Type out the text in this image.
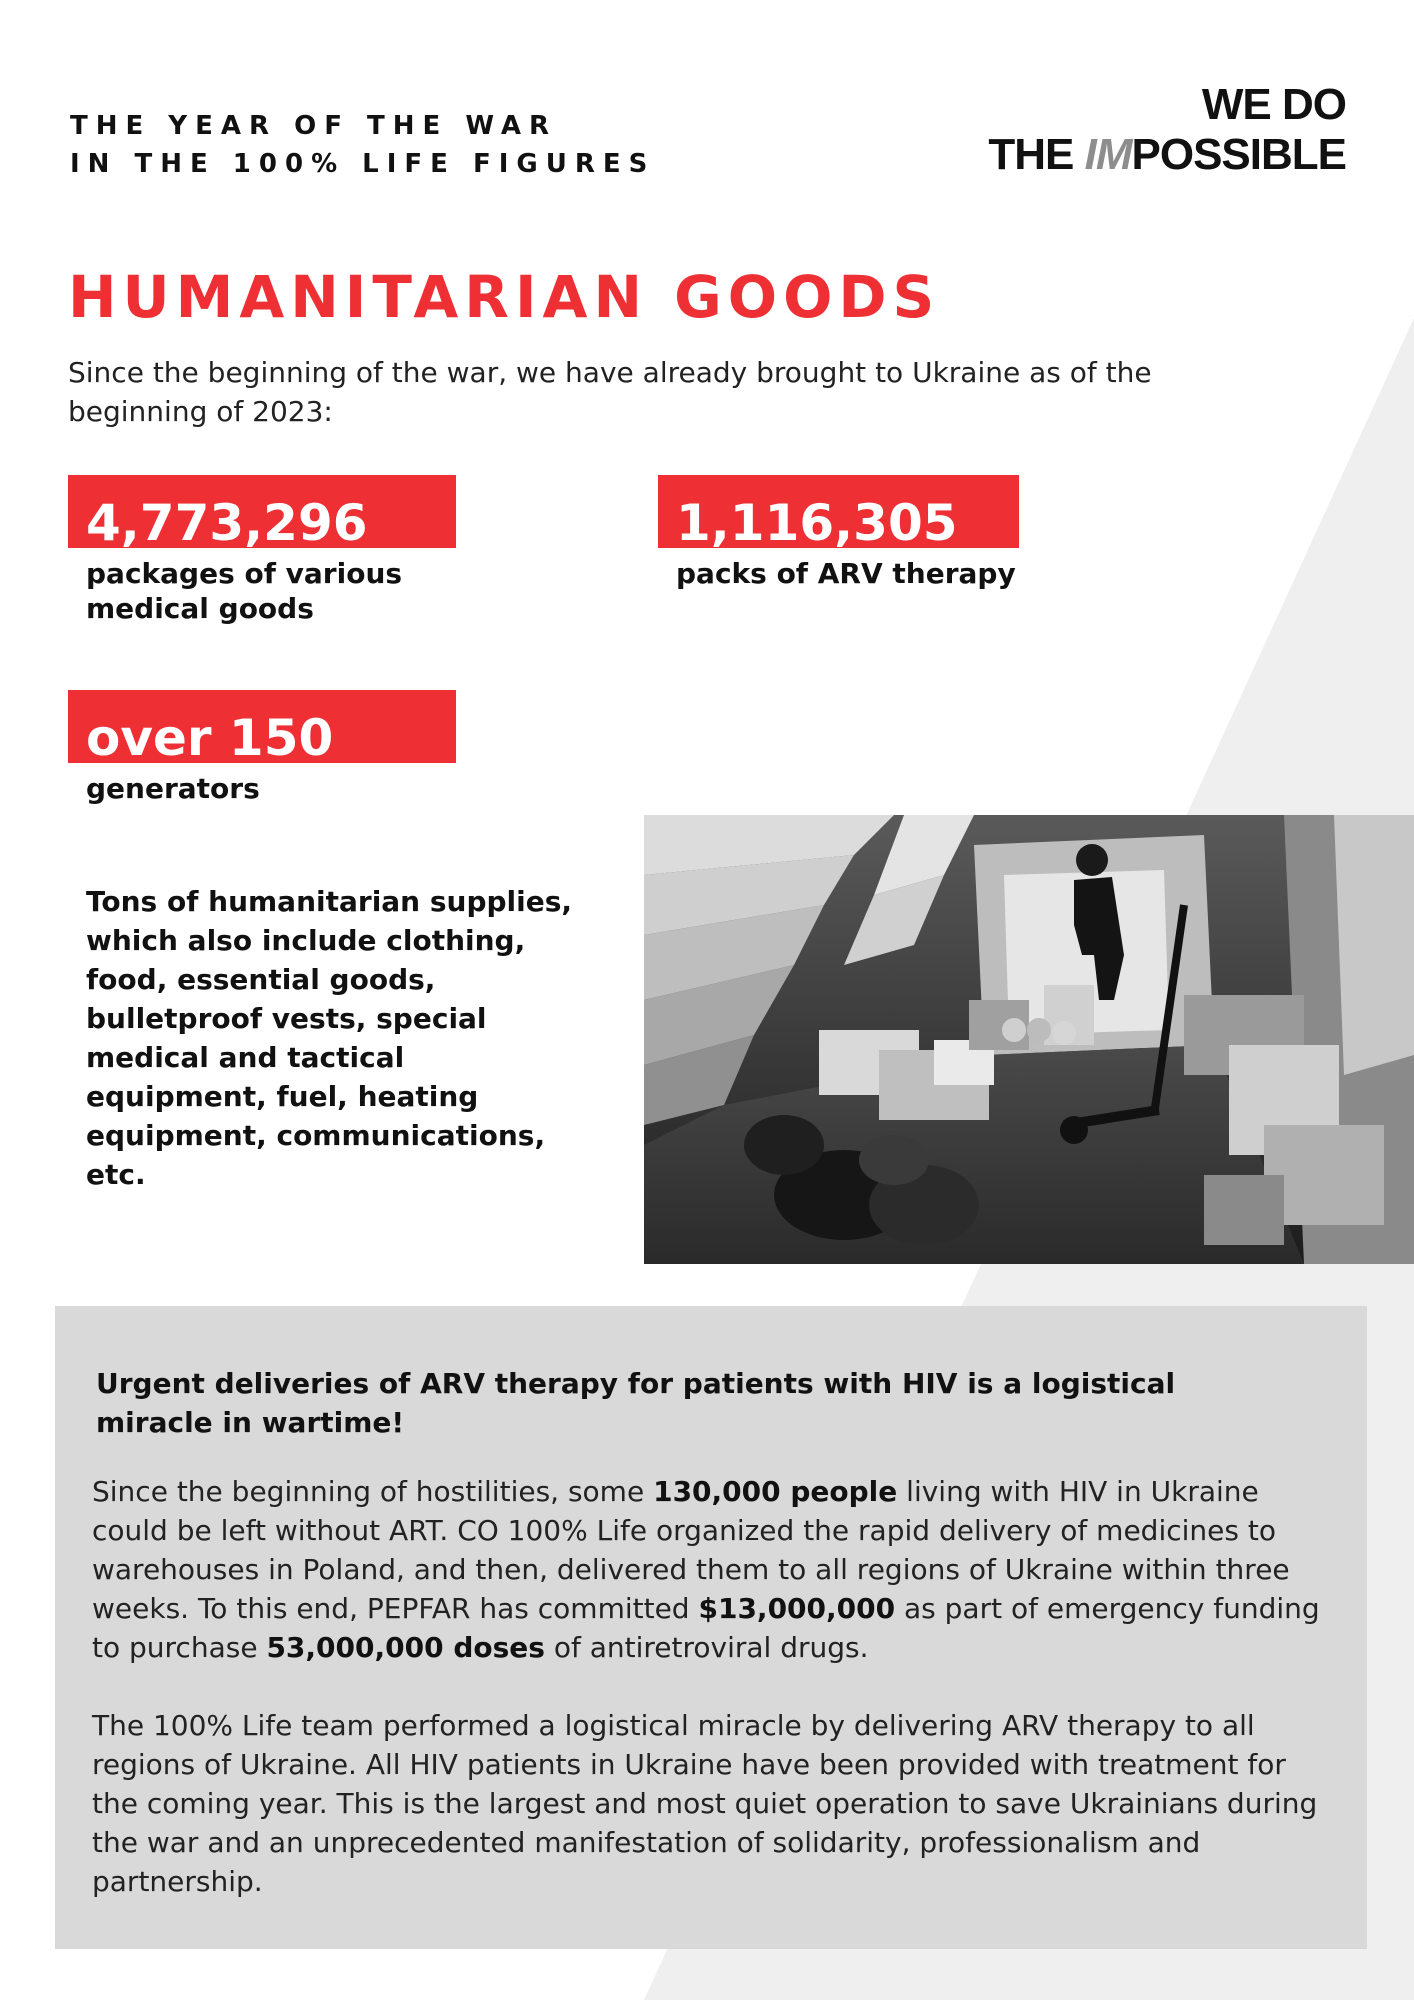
THE YEAR OF THE WAR
IN THE 100% LIFE FIGURES
WE DO
THE IMPOSSIBLE
HUMANITARIAN GOODS
Since the beginning of the war, we have already brought to Ukraine as of the beginning of 2023:
4,773,296
packages of various medical goods
1,116,305
packs of ARV therapy
over 150
generators
Tons of humanitarian supplies, which also include clothing, food, essential goods, bulletproof vests, special medical and tactical equipment, fuel, heating equipment, communications, etc.
Urgent deliveries of ARV therapy for patients with HIV is a logistical miracle in wartime!

Since the beginning of hostilities, some 130,000 people living with HIV in Ukraine could be left without ART. CO 100% Life organized the rapid delivery of medicines to warehouses in Poland, and then, delivered them to all regions of Ukraine within three weeks. To this end, PEPFAR has committed $13,000,000 as part of emergency funding to purchase 53,000,000 doses of antiretroviral drugs.

The 100% Life team performed a logistical miracle by delivering ARV therapy to all regions of Ukraine. All HIV patients in Ukraine have been provided with treatment for the coming year. This is the largest and most quiet operation to save Ukrainians during the war and an unprecedented manifestation of solidarity, professionalism and partnership.
